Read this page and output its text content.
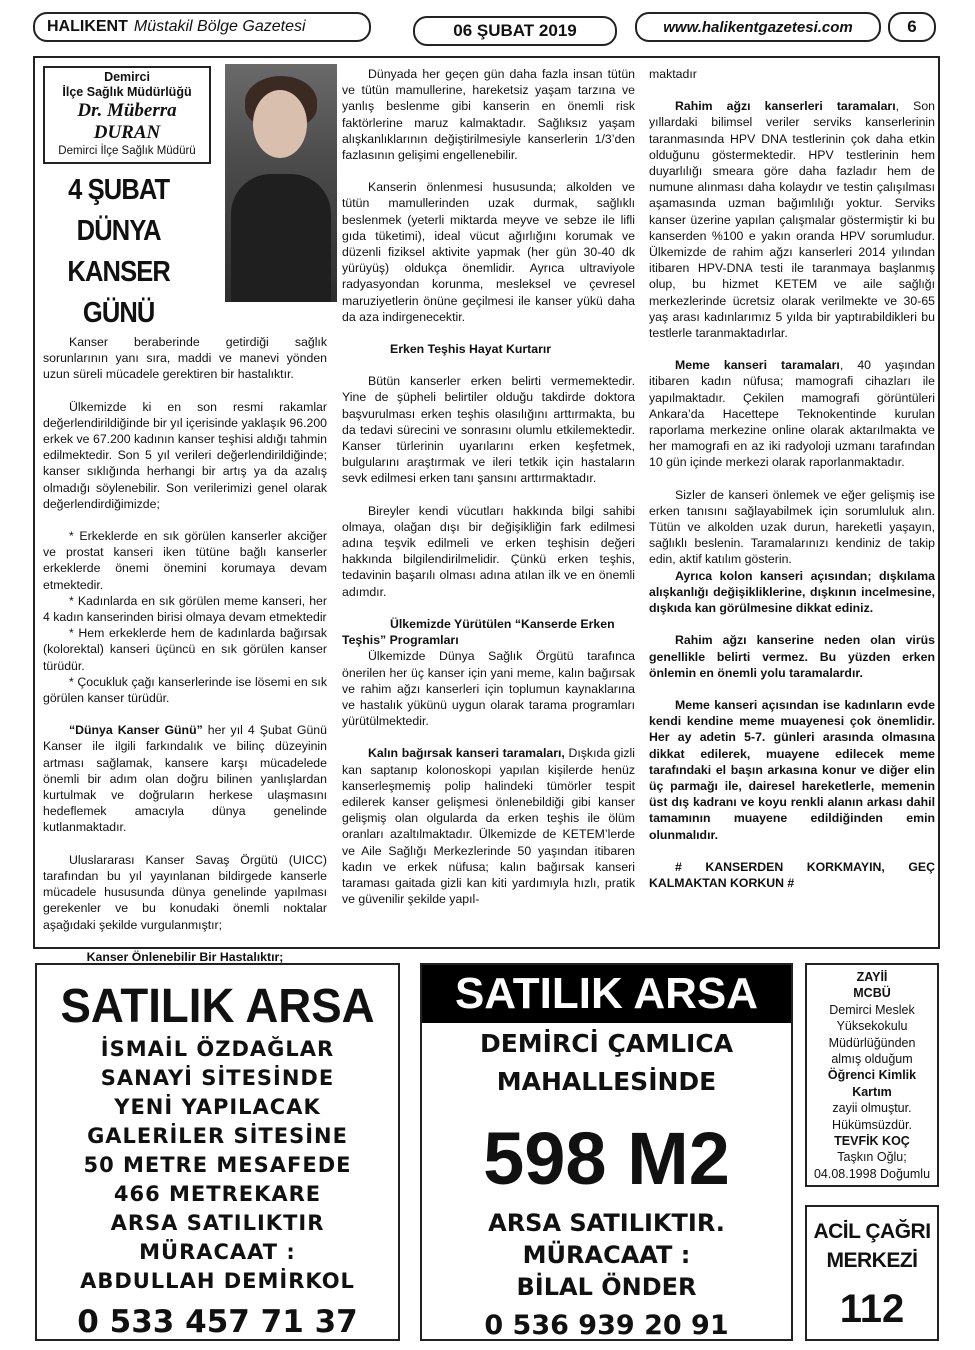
HALIKENT Müstakil Bölge Gazetesi	06 ŞUBAT 2019	www.halikentgazetesi.com	6
Demirci
İlçe Sağlık Müdürlüğü
Dr. Müberra DURAN
Demirci İlçe Sağlık Müdürü
4 ŞUBAT
DÜNYA KANSER
GÜNÜ

Kanser beraberinde getirdiği sağlık sorunlarının yanı sıra, maddi ve manevi yönden uzun süreli mücadele gerektiren bir hastalıktır.

Ülkemizde ki en son resmi rakamlar değerlendirildiğinde bir yıl içerisinde yaklaşık 96.200 erkek ve 67.200 kadının kanser teşhisi aldığı tahmin edilmektedir. Son 5 yıl verileri değerlendirildiğinde; kanser sıklığında herhangi bir artış ya da azalış olmadığı söylenebilir. Son verilerimizi genel olarak değerlendirdiğimizde;

* Erkeklerde en sık görülen kanserler akciğer ve prostat kanseri iken tütüne bağlı kanserler erkeklerde önemi önemini korumaya devam etmektedir.

* Kadınlarda en sık görülen meme kanseri, her 4 kadın kanserinden birisi olmaya devam etmektedir

* Hem erkeklerde hem de kadınlarda bağırsak (kolorektal) kanseri üçüncü en sık görülen kanser türüdür.

* Çocukluk çağı kanserlerinde ise lösemi en sık görülen kanser türüdür.

“Dünya Kanser Günü” her yıl 4 Şubat Günü Kanser ile ilgili farkındalık ve bilinç düzeyinin artması sağlamak, kansere karşı mücadelede önemli bir adım olan doğru bilinen yanlışlardan kurtulmak ve doğruların herkese ulaşmasını hedeflemek amacıyla dünya genelinde kutlanmaktadır.

Uluslararası Kanser Savaş Örgütü (UICC) tarafından bu yıl yayınlanan bildirgede kanserle mücadele hususunda dünya genelinde yapılması gerekenler ve bu konudaki önemli noktalar aşağıdaki şekilde vurgulanmıştır;

Kanser Önlenebilir Bir Hastalıktır;

Dünyada her geçen gün daha fazla insan tütün ve tütün mamullerine, hareketsiz yaşam tarzına ve yanlış beslenme gibi kanserin en önemli risk faktörlerine maruz kalmaktadır. Sağlıksız yaşam alışkanlıklarının değiştirilmesiyle kanserlerin 1/3’den fazlasının gelişimi engellenebilir.

Kanserin önlenmesi hususunda; alkolden ve tütün mamullerinden uzak durmak, sağlıklı beslenmek (yeterli miktarda meyve ve sebze ile lifli gıda tüketimi), ideal vücut ağırlığını korumak ve düzenli fiziksel aktivite yapmak (her gün 30-40 dk yürüyüş) oldukça önemlidir. Ayrıca ultraviyole radyasyondan korunma, mesleksel ve çevresel maruziyetlerin önüne geçilmesi ile kanser yükü daha da aza indirgenecektir.

Erken Teşhis Hayat Kurtarır

Bütün kanserler erken belirti vermemektedir. Yine de şüpheli belirtiler olduğu takdirde doktora başvurulması erken teşhis olasılığını arttırmakta, bu da tedavi sürecini ve sonrasını olumlu etkilemektedir. Kanser türlerinin uyarılarını erken keşfetmek, bulgularını araştırmak ve ileri tetkik için hastaların sevk edilmesi erken tanı şansını arttırmaktadır.

Bireyler kendi vücutları hakkında bilgi sahibi olmaya, olağan dışı bir değişikliğin fark edilmesi adına teşvik edilmeli ve erken teşhisin değeri hakkında bilgilendirilmelidir. Çünkü erken teşhis, tedavinin başarılı olması adına atılan ilk ve en önemli adımdır.

Ülkemizde Yürütülen “Kanserde Erken Teşhis” Programları

Ülkemizde Dünya Sağlık Örgütü tarafınca önerilen her üç kanser için yani meme, kalın bağırsak ve rahim ağzı kanserleri için toplumun kaynaklarına ve hastalık yükünü uygun olarak tarama programları yürütülmektedir.

Kalın bağırsak kanseri taramaları, Dışkıda gizli kan saptanıp kolonoskopi yapılan kişilerde henüz kanserleşmemiş polip halindeki tümörler tespit edilerek kanser gelişmesi önlenebildiği gibi kanser gelişmiş olan olgularda da erken teşhis ile ölüm oranları azaltılmaktadır. Ülkemizde de KETEM’lerde ve Aile Sağlığı Merkezlerinde 50 yaşından itibaren kadın ve erkek nüfusa; kalın bağırsak kanseri taraması gaitada gizli kan kiti yardımıyla hızlı, pratik ve güvenilir şekilde yapıl-

maktadır

Rahim ağzı kanserleri taramaları, Son yıllardaki bilimsel veriler serviks kanserlerinin taranmasında HPV DNA testlerinin çok daha etkin olduğunu göstermektedir. HPV testlerinin hem duyarlılığı smeara göre daha fazladır hem de numune alınması daha kolaydır ve testin çalışılması aşamasında uzman bağımlılığı yoktur. Serviks kanser üzerine yapılan çalışmalar göstermiştir ki bu kanserden %100 e yakın oranda HPV sorumludur. Ülkemizde de rahim ağzı kanserleri 2014 yılından itibaren HPV-DNA testi ile taranmaya başlanmış olup, bu hizmet KETEM ve aile sağlığı merkezlerinde ücretsiz olarak verilmekte ve 30-65 yaş arası kadınlarımız 5 yılda bir yaptırabildikleri bu testlerle taranmaktadırlar.

Meme kanseri taramaları, 40 yaşından itibaren kadın nüfusa; mamografi cihazları ile yapılmaktadır. Çekilen mamografi görüntüleri Ankara’da Hacettepe Teknokentinde kurulan raporlama merkezine online olarak aktarılmakta ve her mamografi en az iki radyoloji uzmanı tarafından 10 gün içinde merkezi olarak raporlanmaktadır.

Sizler de kanseri önlemek ve eğer gelişmiş ise erken tanısını sağlayabilmek için sorumluluk alın. Tütün ve alkolden uzak durun, hareketli yaşayın, sağlıklı beslenin. Taramalarınızı kendiniz de takip edin, aktif katılım gösterin.

Ayrıca kolon kanseri açısından; dışkılama alışkanlığı değişikliklerine, dışkının incelmesine, dışkıda kan görülmesine dikkat ediniz.

Rahim ağzı kanserine neden olan virüs genellikle belirti vermez. Bu yüzden erken önlemin en önemli yolu taramalardır.

Meme kanseri açısından ise kadınların evde kendi kendine meme muayenesi çok önemlidir. Her ay adetin 5-7. günleri arasında olmasına dikkat edilerek, muayene edilecek meme tarafındaki el başın arkasına konur ve diğer elin üç parmağı ile, dairesel hareketlerle, memenin üst dış kadranı ve koyu renkli alanın arkası dahil tamamının muayene edildiğinden emin olunmalıdır.

# KANSERDEN KORKMAYIN, GEÇ KALMAKTAN KORKUN #

SATILIK ARSA
İSMAİL ÖZDAĞLAR
SANAYİ SİTESİNDE
YENİ YAPILACAK
GALERİLER SİTESİNE
50 METRE MESAFEDE
466 METREKARE
ARSA SATILIKTIR
MÜRACAAT :
ABDULLAH DEMİRKOL
0 533 457 71 37
SATILIK ARSA
DEMİRCİ ÇAMLICA
MAHALLESİNDE
598 M2
ARSA SATILIKTIR.
MÜRACAAT :
BİLAL ÖNDER
0 536 939 20 91
ZAYİİ
MCBÜ
Demirci Meslek
Yüksekokulu
Müdürlüğünden
almış olduğum
Öğrenci Kimlik
Kartım
zayii olmuştur.
Hükümsüzdür.
TEVFİK KOÇ
Taşkın Oğlu;
04.08.1998 Doğumlu
ACİL ÇAĞRI
MERKEZİ
112
